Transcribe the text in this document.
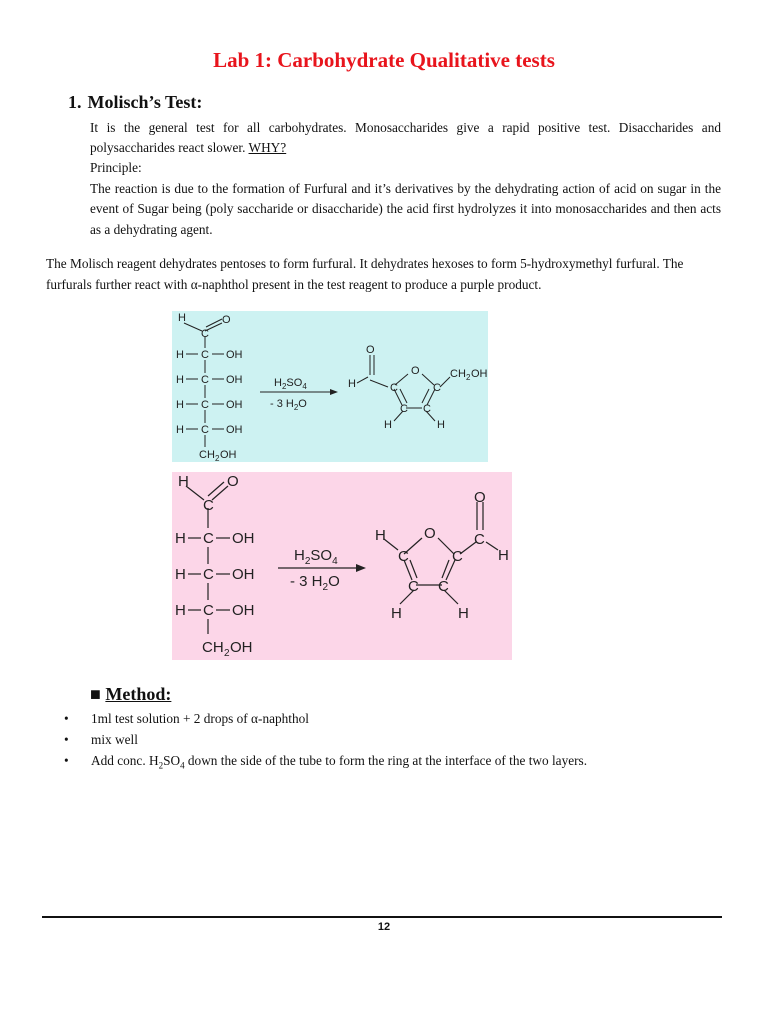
Lab 1: Carbohydrate Qualitative tests
1. Molisch’s Test:
It is the general test for all carbohydrates. Monosaccharides give a rapid positive test. Disaccharides and polysaccharides react slower. WHY?
Principle:
The reaction is due to the formation of Furfural and it’s derivatives by the dehydrating action of acid on sugar in the event of Sugar being (poly saccharide or disaccharide) the acid first hydrolyzes it into monosaccharides and then acts as a dehydrating agent.
The Molisch reagent dehydrates pentoses to form furfural. It dehydrates hexoses to form 5-hydroxymethyl furfural. The furfurals further react with α-naphthol present in the test reagent to produce a purple product.
H
C
O
H C OH
H C OH
H C OH
H C OH
CH 2 OH
$H_2SO_4$
- 3 $H_2O$
O
H
O
C	C
C C
H	H
CH 2 OH
H
C
O
H C OH
H C OH
H C OH
CH 2 OH
$H_2SO_4$
- 3 $H_2O$
H
C
O
C
C C
H	H
O
C
H
■ Method:
• 1ml test solution + 2 drops of α-naphthol
• mix well
• Add conc. $H_2SO_4$ down the side of the tube to form the ring at the interface of the two layers.
12
